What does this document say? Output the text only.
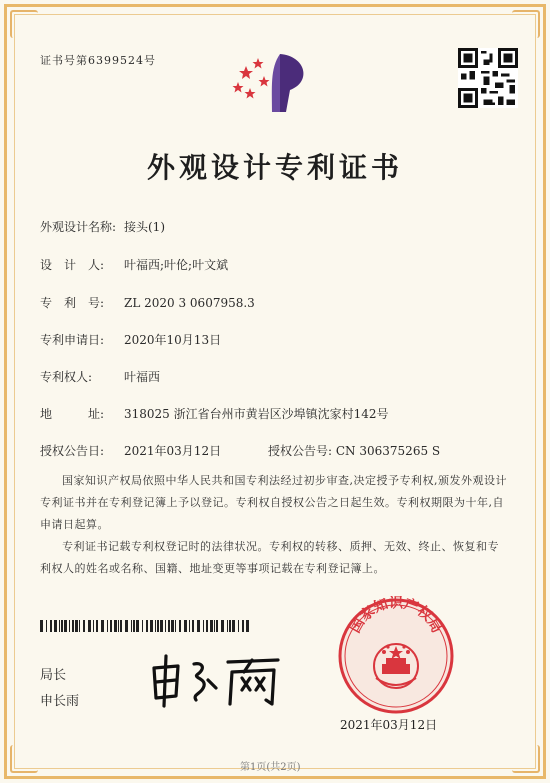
证书号第6399524号
外观设计专利证书
外观设计名称: 接头(1)
设　计　人: 叶福西;叶伦;叶文斌
专　利　号: ZL 2020 3 0607958.3
专利申请日: 2020年10月13日
专利权人:	叶福西
地　　　址: 318025 浙江省台州市黄岩区沙埠镇沈家村142号
授权公告日: 2021年03月12日	授权公告号: CN 306375265 S
国家知识产权局依照中华人民共和国专利法经过初步审查,决定授予专利权,颁发外观设计专利证书并在专利登记簿上予以登记。专利权自授权公告之日起生效。专利权期限为十年,自申请日起算。
专利证书记载专利权登记时的法律状况。专利权的转移、质押、无效、终止、恢复和专利权人的姓名或名称、国籍、地址变更等事项记载在专利登记簿上。
局长
申长雨
国家知识产权局
2021年03月12日
第1页(共2页)
